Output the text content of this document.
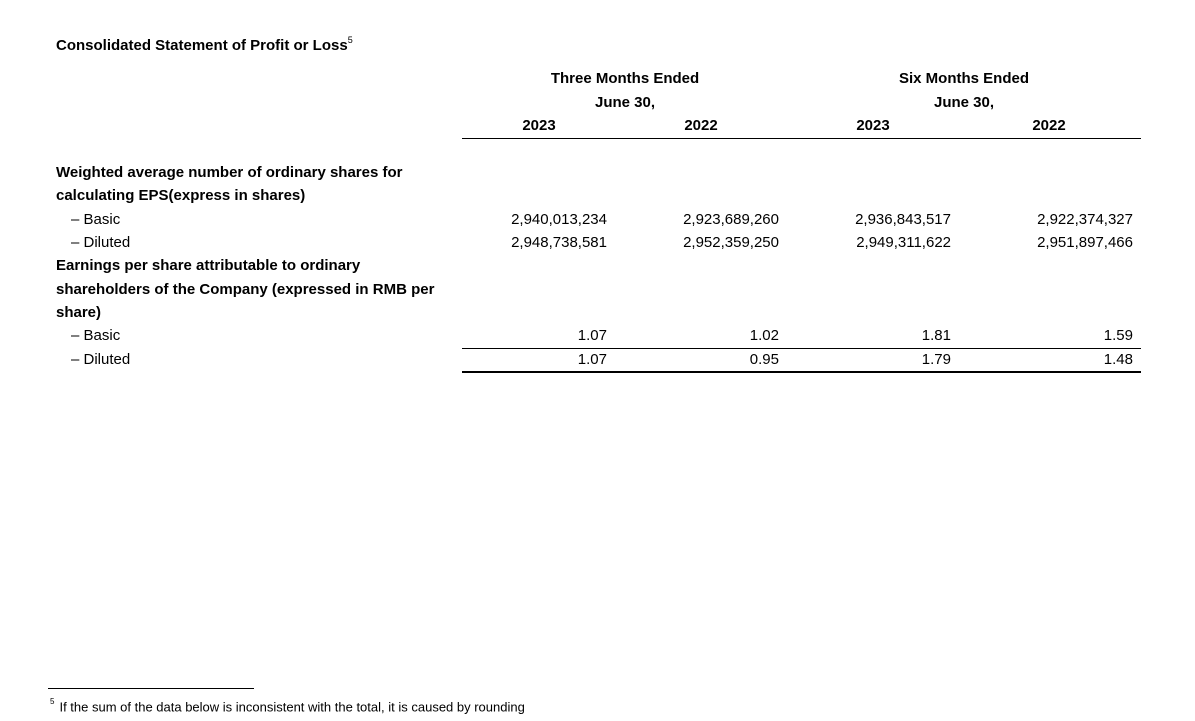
Consolidated Statement of Profit or Loss$^5$
Three Months Ended
June 30,
Six Months Ended
June 30,
2023	2022	2023	2022
Weighted average number of ordinary shares for
calculating EPS(express in shares)
– Basic	2,940,013,234	2,923,689,260	2,936,843,517	2,922,374,327
– Diluted	2,948,738,581	2,952,359,250	2,949,311,622	2,951,897,466
Earnings per share attributable to ordinary
shareholders of the Company (expressed in RMB per
share)
– Basic	1.07	1.02	1.81	1.59
– Diluted	1.07	0.95	1.79	1.48
$^5$ If the sum of the data below is inconsistent with the total, it is caused by rounding
